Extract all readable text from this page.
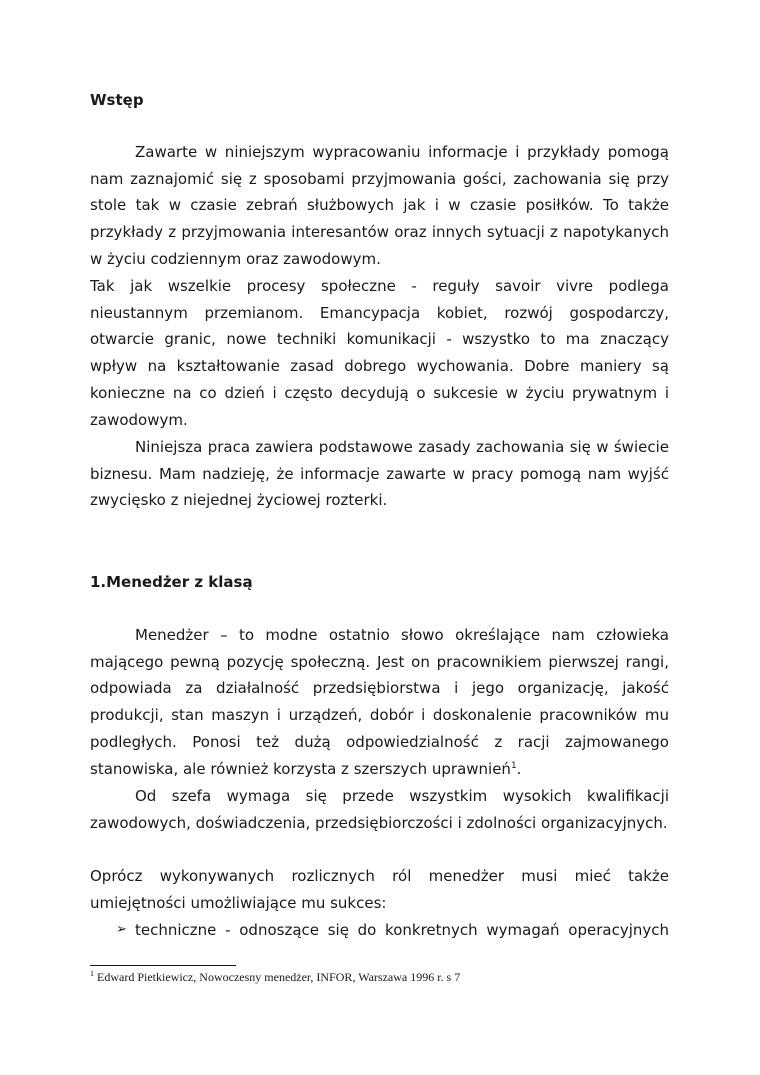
Wstęp

Zawarte w niniejszym wypracowaniu informacje i przykłady pomogą nam zaznajomić się z sposobami przyjmowania gości, zachowania się przy stole tak w czasie zebrań służbowych jak i w czasie posiłków. To także przykłady z przyjmowania interesantów oraz innych sytuacji z napotykanych w życiu codziennym oraz zawodowym.

Tak jak wszelkie procesy społeczne - reguły savoir vivre podlega nieustannym przemianom. Emancypacja kobiet, rozwój gospodarczy, otwarcie granic, nowe techniki komunikacji - wszystko to ma znaczący wpływ na kształtowanie zasad dobrego wychowania. Dobre maniery są konieczne na co dzień i często decydują o sukcesie w życiu prywatnym i zawodowym.

Niniejsza praca zawiera podstawowe zasady zachowania się w świecie biznesu. Mam nadzieję, że informacje zawarte w pracy pomogą nam wyjść zwycięsko z niejednej życiowej rozterki.

1.Menedżer z klasą

Menedżer – to modne ostatnio słowo określające nam człowieka mającego pewną pozycję społeczną. Jest on pracownikiem pierwszej rangi, odpowiada za działalność przedsiębiorstwa i jego organizację, jakość produkcji, stan maszyn i urządzeń, dobór i doskonalenie pracowników mu podległych. Ponosi też dużą odpowiedzialność z racji zajmowanego stanowiska, ale również korzysta z szerszych uprawnień$^1$.

Od szefa wymaga się przede wszystkim wysokich kwalifikacji zawodowych, doświadczenia, przedsiębiorczości i zdolności organizacyjnych.

Oprócz wykonywanych rozlicznych ról menedżer musi mieć także umiejętności umożliwiające mu sukces:

➢ techniczne - odnoszące się do konkretnych wymagań operacyjnych

$^1$ Edward Pietkiewicz, Nowoczesny menedżer, INFOR, Warszawa 1996 r. s 7
